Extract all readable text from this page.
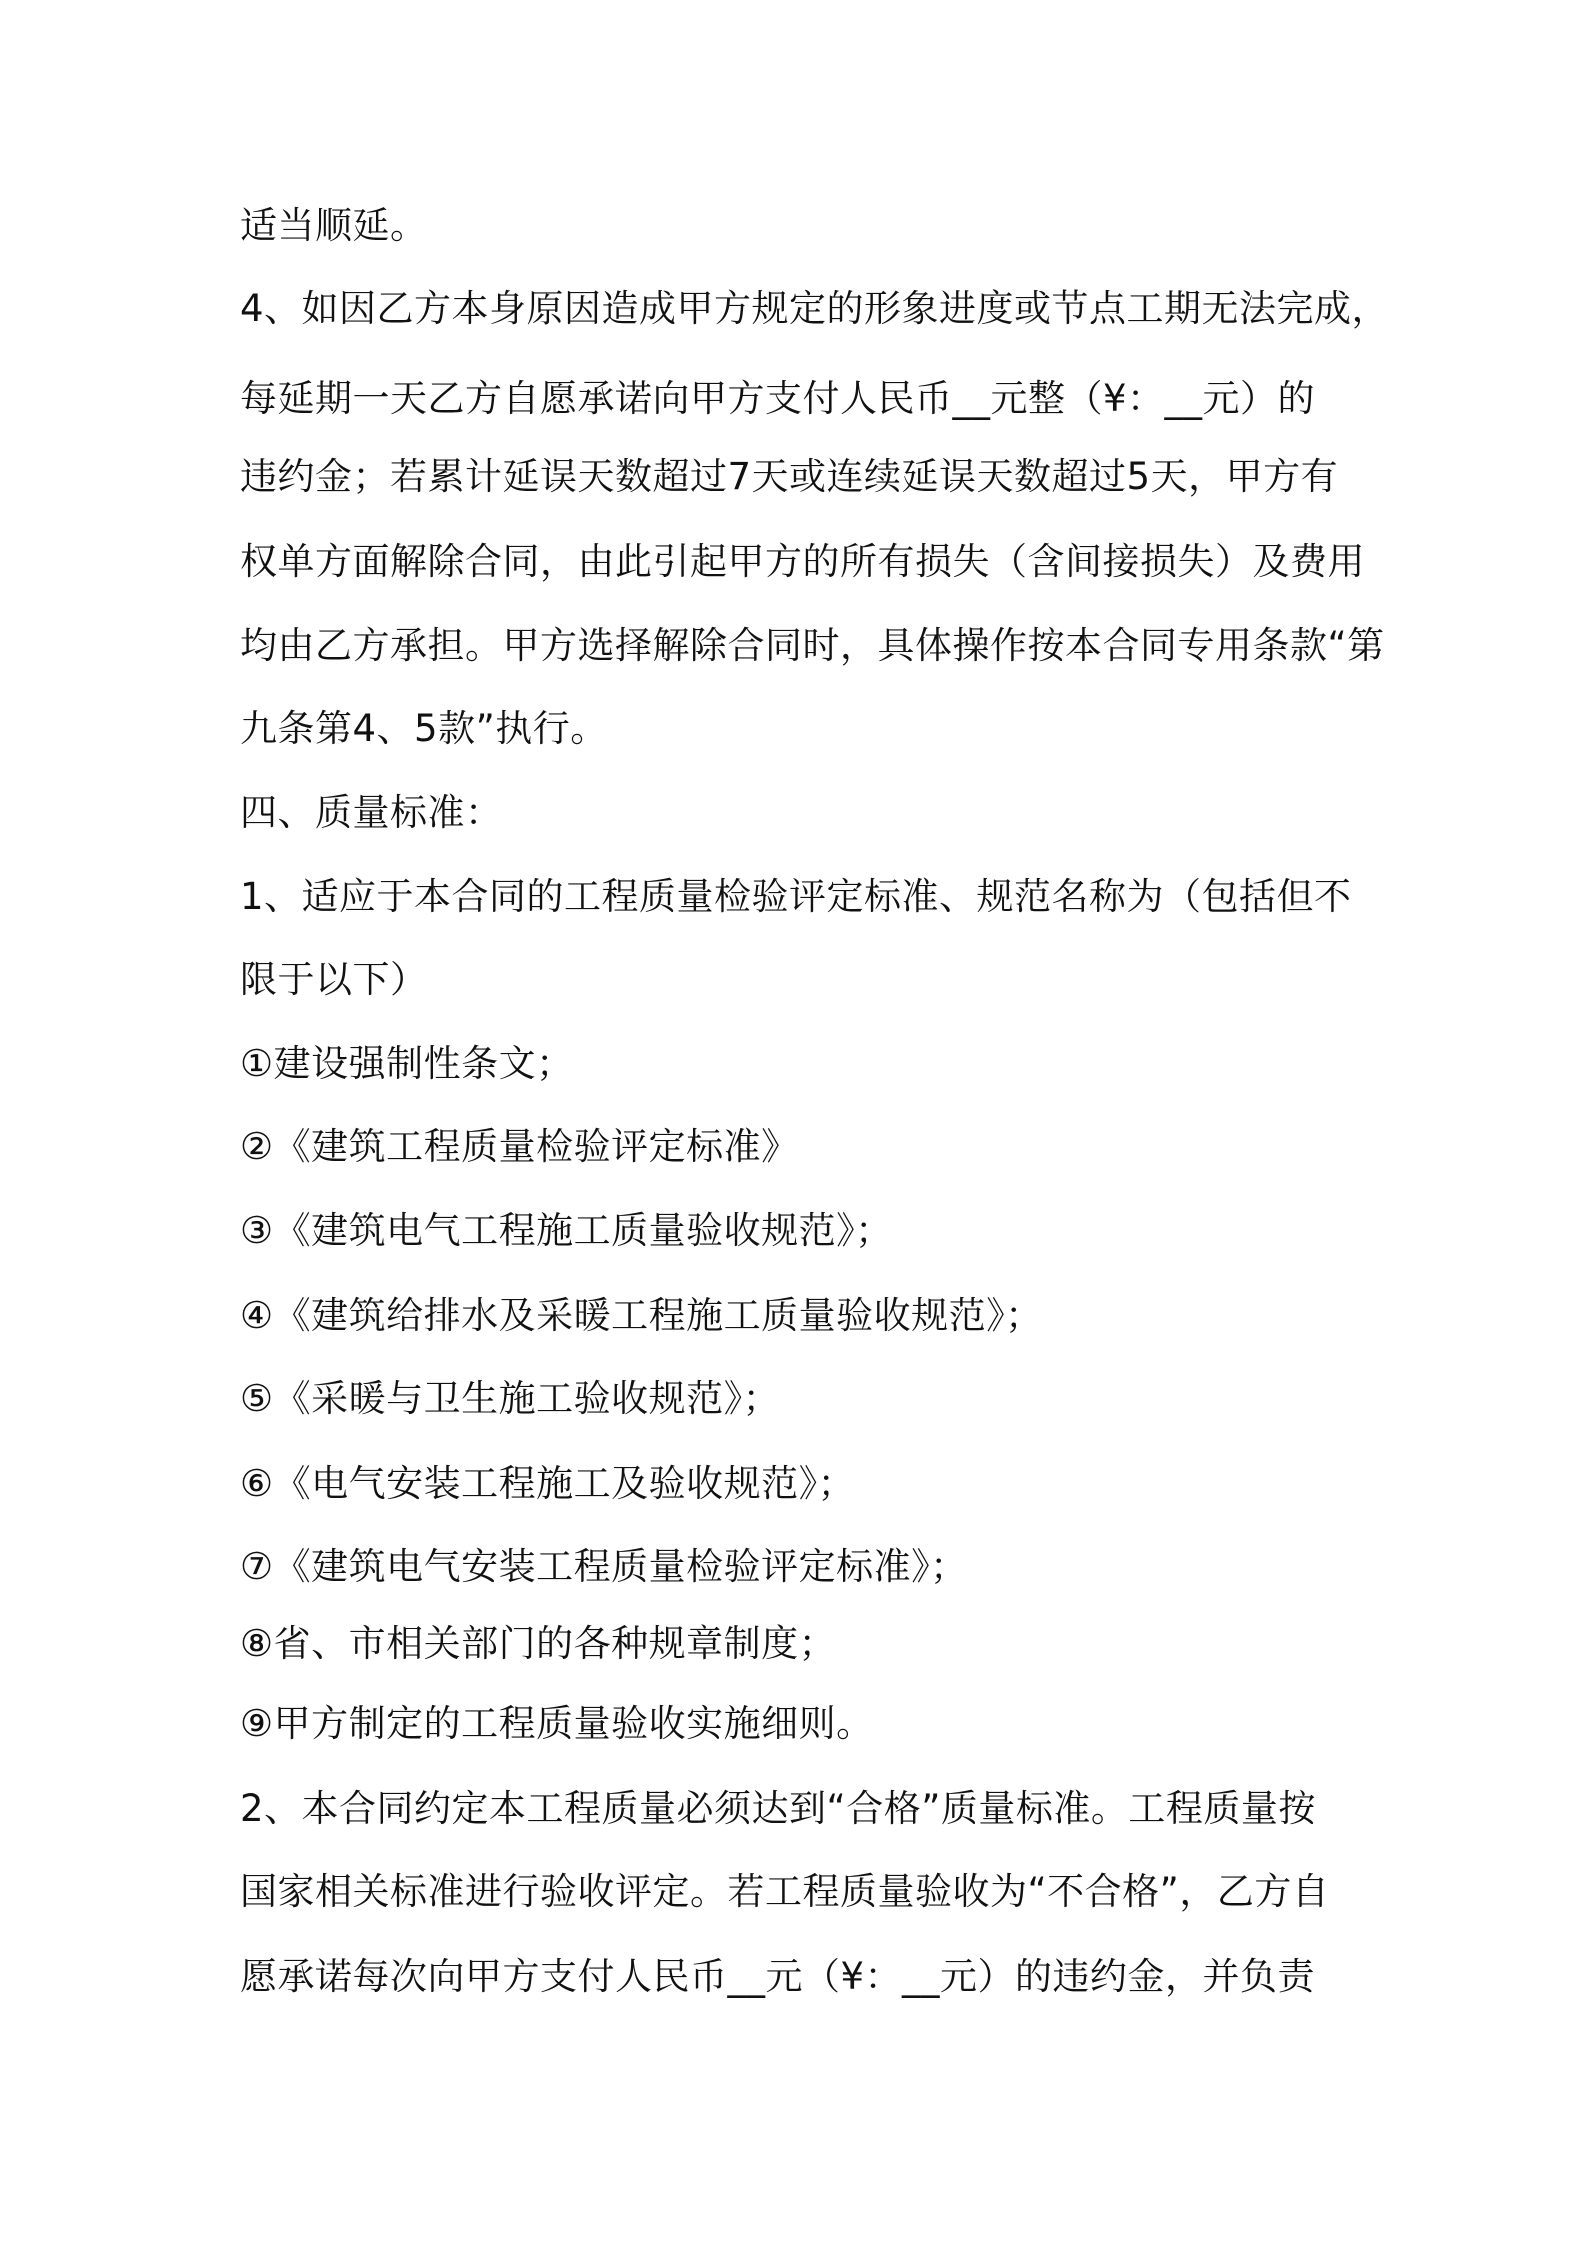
适当顺延。
4、如因乙方本身原因造成甲方规定的形象进度或节点工期无法完成，
每延期一天乙方自愿承诺向甲方支付人民币__元整（¥：__元）的
违约金；若累计延误天数超过7天或连续延误天数超过5天，甲方有
权单方面解除合同，由此引起甲方的所有损失（含间接损失）及费用
均由乙方承担。甲方选择解除合同时，具体操作按本合同专用条款“第
九条第4、5款”执行。
四、质量标准：
1、适应于本合同的工程质量检验评定标准、规范名称为（包括但不
限于以下）
①建设强制性条文；
②《建筑工程质量检验评定标准》
③《建筑电气工程施工质量验收规范》；
④《建筑给排水及采暖工程施工质量验收规范》；
⑤《采暖与卫生施工验收规范》；
⑥《电气安装工程施工及验收规范》；
⑦《建筑电气安装工程质量检验评定标准》；
⑧省、市相关部门的各种规章制度；
⑨甲方制定的工程质量验收实施细则。
2、本合同约定本工程质量必须达到“合格”质量标准。工程质量按
国家相关标准进行验收评定。若工程质量验收为“不合格”，乙方自
愿承诺每次向甲方支付人民币__元（¥：__元）的违约金，并负责
